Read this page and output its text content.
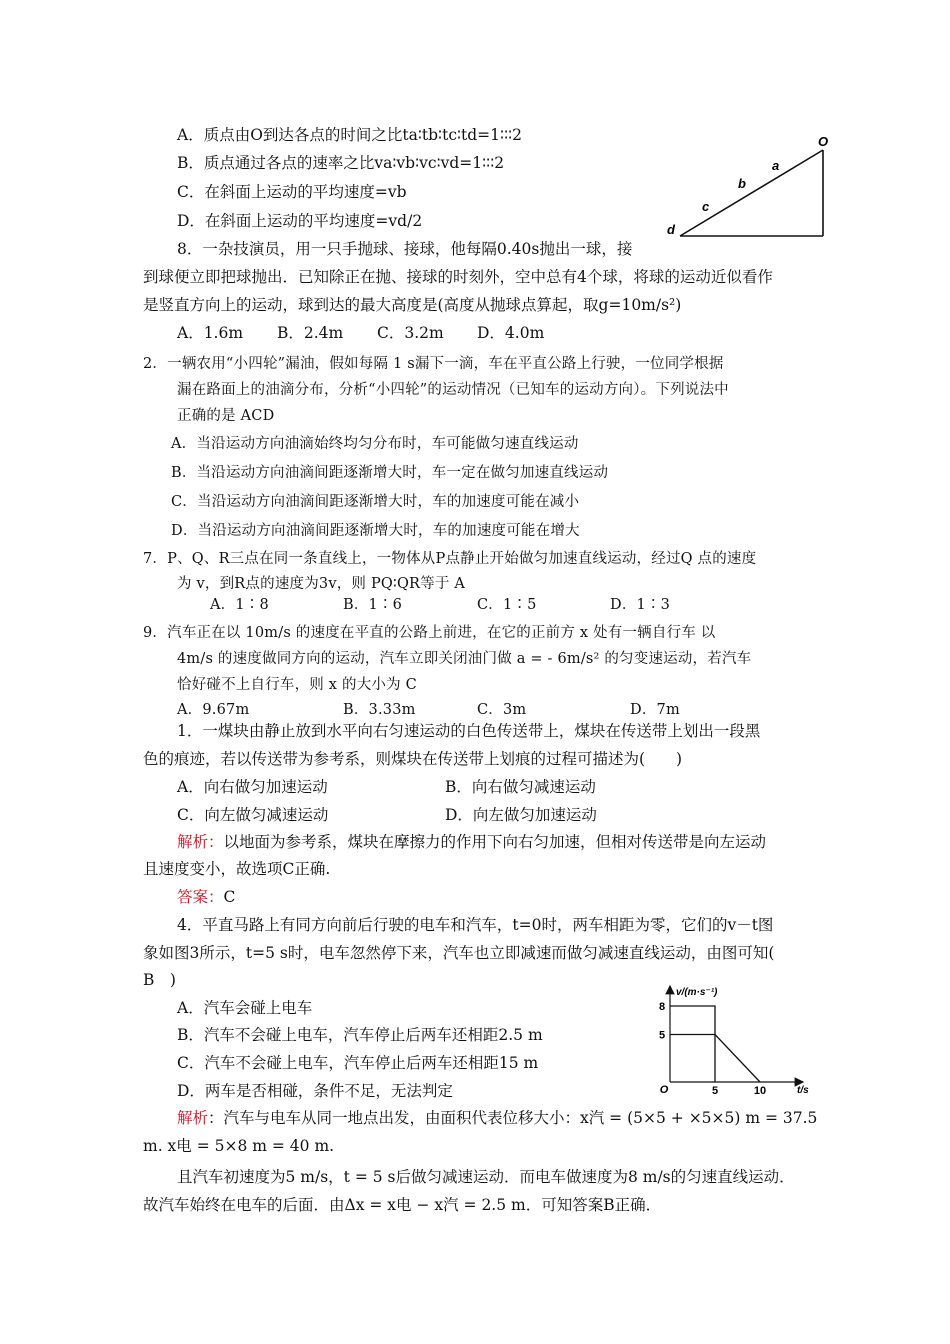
A．质点由O到达各点的时间之比ta∶tb∶tc∶td=1∶∶∶2
B．质点通过各点的速率之比va∶vb∶vc∶vd=1∶∶∶2
C．在斜面上运动的平均速度=vb
D．在斜面上运动的平均速度=vd/2
O
a
b
c
d
8．一杂技演员，用一只手抛球、接球，他每隔0.40s抛出一球，接
到球便立即把球抛出．已知除正在抛、接球的时刻外，空中总有4个球，将球的运动近似看作
是竖直方向上的运动，球到达的最大高度是(高度从抛球点算起，取g=10m/s²)
A．1.6m B．2.4m C．3.2m D．4.0m
2．一辆农用“小四轮”漏油，假如每隔 1 s漏下一滴，车在平直公路上行驶，一位同学根据
漏在路面上的油滴分布，分析“小四轮”的运动情况（已知车的运动方向）。下列说法中
正确的是 ACD
A．当沿运动方向油滴始终均匀分布时，车可能做匀速直线运动
B．当沿运动方向油滴间距逐渐增大时，车一定在做匀加速直线运动
C．当沿运动方向油滴间距逐渐增大时，车的加速度可能在减小
D．当沿运动方向油滴间距逐渐增大时，车的加速度可能在增大
7．P、Q、R三点在同一条直线上，一物体从P点静止开始做匀加速直线运动，经过Q 点的速度
为 v，到R点的速度为3v，则 PQ∶QR等于 A
A．1∶8	B．1∶6	C．1∶5	D．1∶3
9．汽车正在以 10m/s 的速度在平直的公路上前进，在它的正前方 x 处有一辆自行车 以
4m/s 的速度做同方向的运动，汽车立即关闭油门做 a = - 6m/s² 的匀变速运动，若汽车
恰好碰不上自行车，则 x 的大小为 C
A．9.67m	B．3.33m	C．3m	D．7m
1．一煤块由静止放到水平向右匀速运动的白色传送带上，煤块在传送带上划出一段黑
色的痕迹，若以传送带为参考系，则煤块在传送带上划痕的过程可描述为(　　)
A．向右做匀加速运动	B．向右做匀减速运动
C．向左做匀减速运动	D．向左做匀加速运动
解析：以地面为参考系，煤块在摩擦力的作用下向右匀加速，但相对传送带是向左运动
且速度变小，故选项C正确.
答案：C
4．平直马路上有同方向前后行驶的电车和汽车，t=0时，两车相距为零，它们的v－t图
象如图3所示，t=5 s时，电车忽然停下来，汽车也立即减速而做匀减速直线运动，由图可知(
B　)
A．汽车会碰上电车
B．汽车不会碰上电车，汽车停止后两车还相距2.5 m
C．汽车不会碰上电车，汽车停止后两车还相距15 m
D．两车是否相碰，条件不足，无法判定
v/(m·s⁻¹)
t/s
O
8
5
5	10
解析：汽车与电车从同一地点出发，由面积代表位移大小：x汽 = (5×5 + ×5×5) m = 37.5
m. x电 = 5×8 m = 40 m.
且汽车初速度为5 m/s，t = 5 s后做匀减速运动．而电车做速度为8 m/s的匀速直线运动．
故汽车始终在电车的后面．由Δx = x电 − x汽 = 2.5 m．可知答案B正确．
